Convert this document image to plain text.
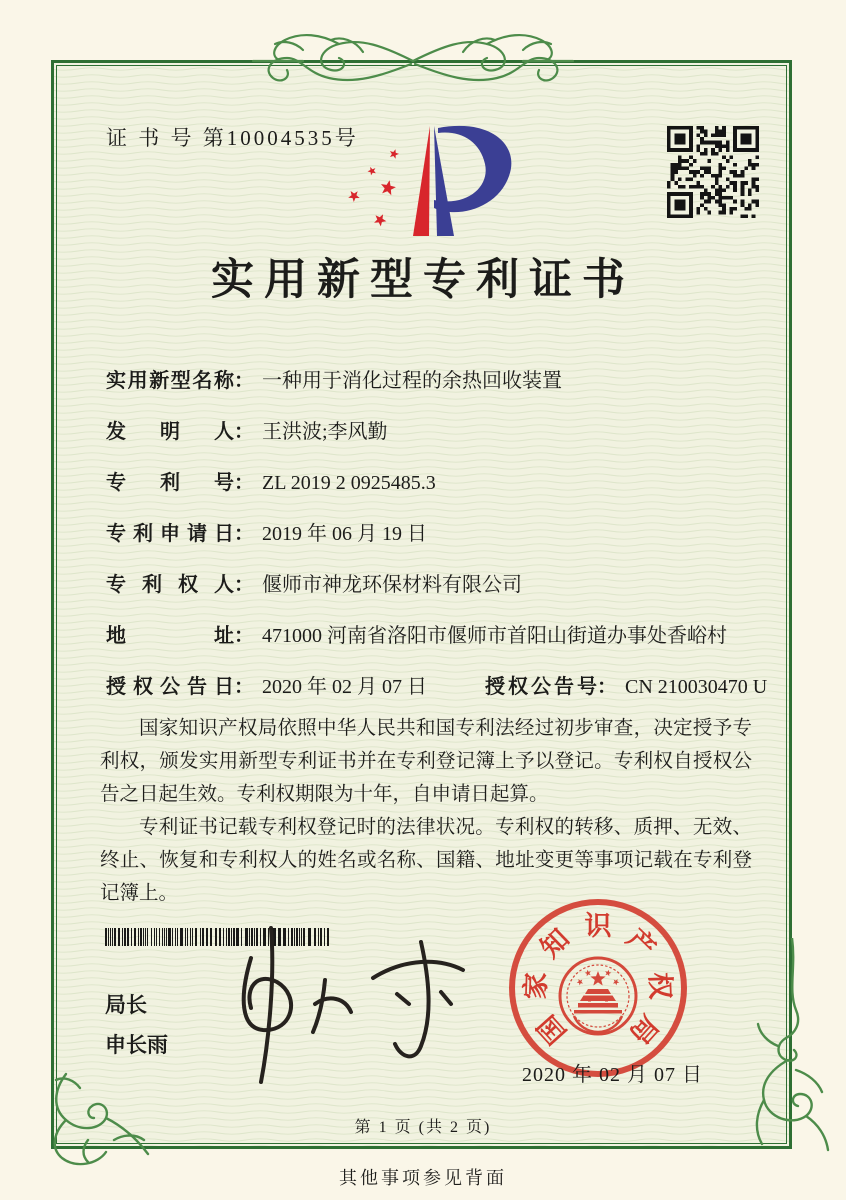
证 书 号 第10004535号
实用新型专利证书
实用新型名称： 一种用于消化过程的余热回收装置
发明人： 王洪波;李风勤
专利号： ZL 2019 2 0925485.3
专利申请日： 2019 年 06 月 19 日
专利权人： 偃师市神龙环保材料有限公司
地址： 471000 河南省洛阳市偃师市首阳山街道办事处香峪村
授权公告日： 2020 年 02 月 07 日	授权公告号： CN 210030470 U

国家知识产权局依照中华人民共和国专利法经过初步审查，决定授予专利权，颁发实用新型专利证书并在专利登记簿上予以登记。专利权自授权公告之日起生效。专利权期限为十年，自申请日起算。

专利证书记载专利权登记时的法律状况。专利权的转移、质押、无效、终止、恢复和专利权人的姓名或名称、国籍、地址变更等事项记载在专利登记簿上。

局长
申长雨	国
家
知 识 产
权
局
2020 年 02 月 07 日
第 1 页 (共 2 页)
其他事项参见背面
